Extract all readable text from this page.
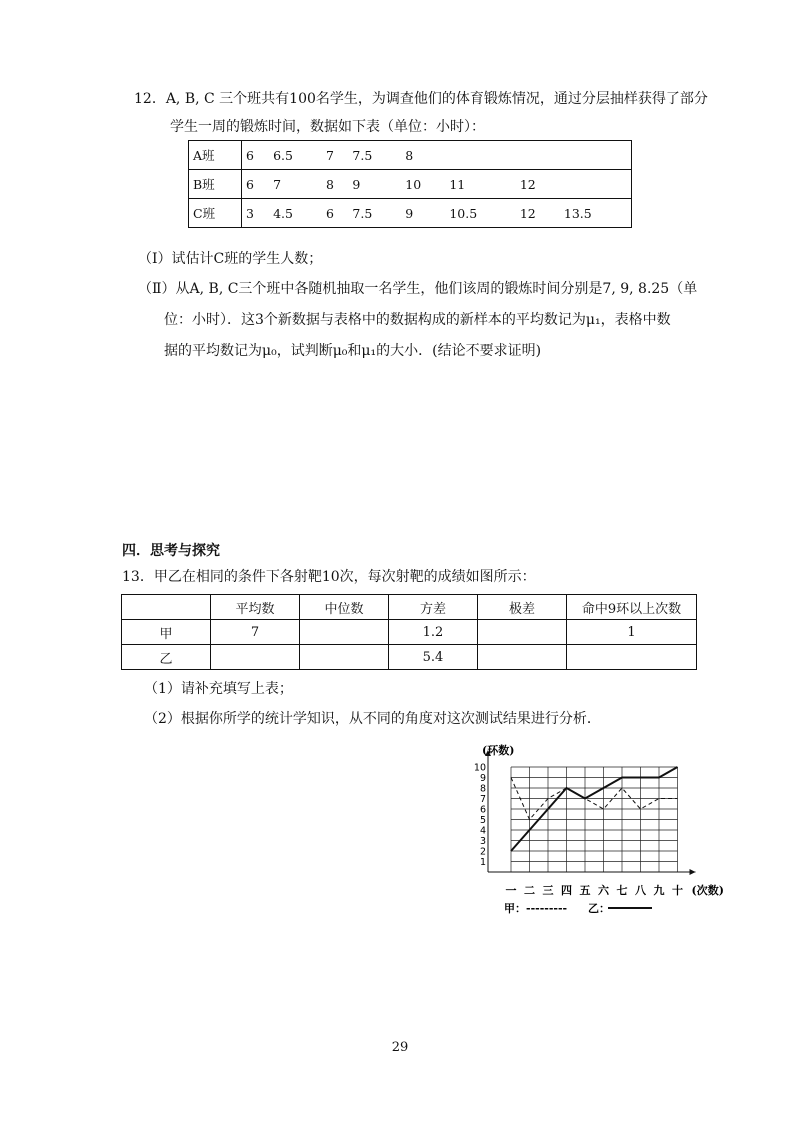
12．A, B, C 三个班共有100名学生，为调查他们的体育锻炼情况，通过分层抽样获得了部分
学生一周的锻炼时间，数据如下表（单位：小时）：
A班	6	6.5	7	7.5	8			
B班	6	7	8	9	10	11	12	
C班	3	4.5	6	7.5	9	10.5	12	13.5
（Ⅰ）试估计C班的学生人数；
（Ⅱ）从A, B, C三个班中各随机抽取一名学生，他们该周的锻炼时间分别是7, 9, 8.25（单
位：小时）．这3个新数据与表格中的数据构成的新样本的平均数记为μ₁，表格中数
据的平均数记为μ₀，试判断μ₀和μ₁的大小．(结论不要求证明)
四．思考与探究
13．甲乙在相同的条件下各射靶10次，每次射靶的成绩如图所示：
	平均数	中位数	方差	极差	命中9环以上次数
甲	7		1.2		1
乙			5.4		
（1）请补充填写上表；
（2）根据你所学的统计学知识，从不同的角度对这次测试结果进行分析．
1
2
3
4
5
6
7
8
9
10
一 二 三 四 五 六 七 八 九 十
(环数)
(次数)
甲：--------- 乙：
29
